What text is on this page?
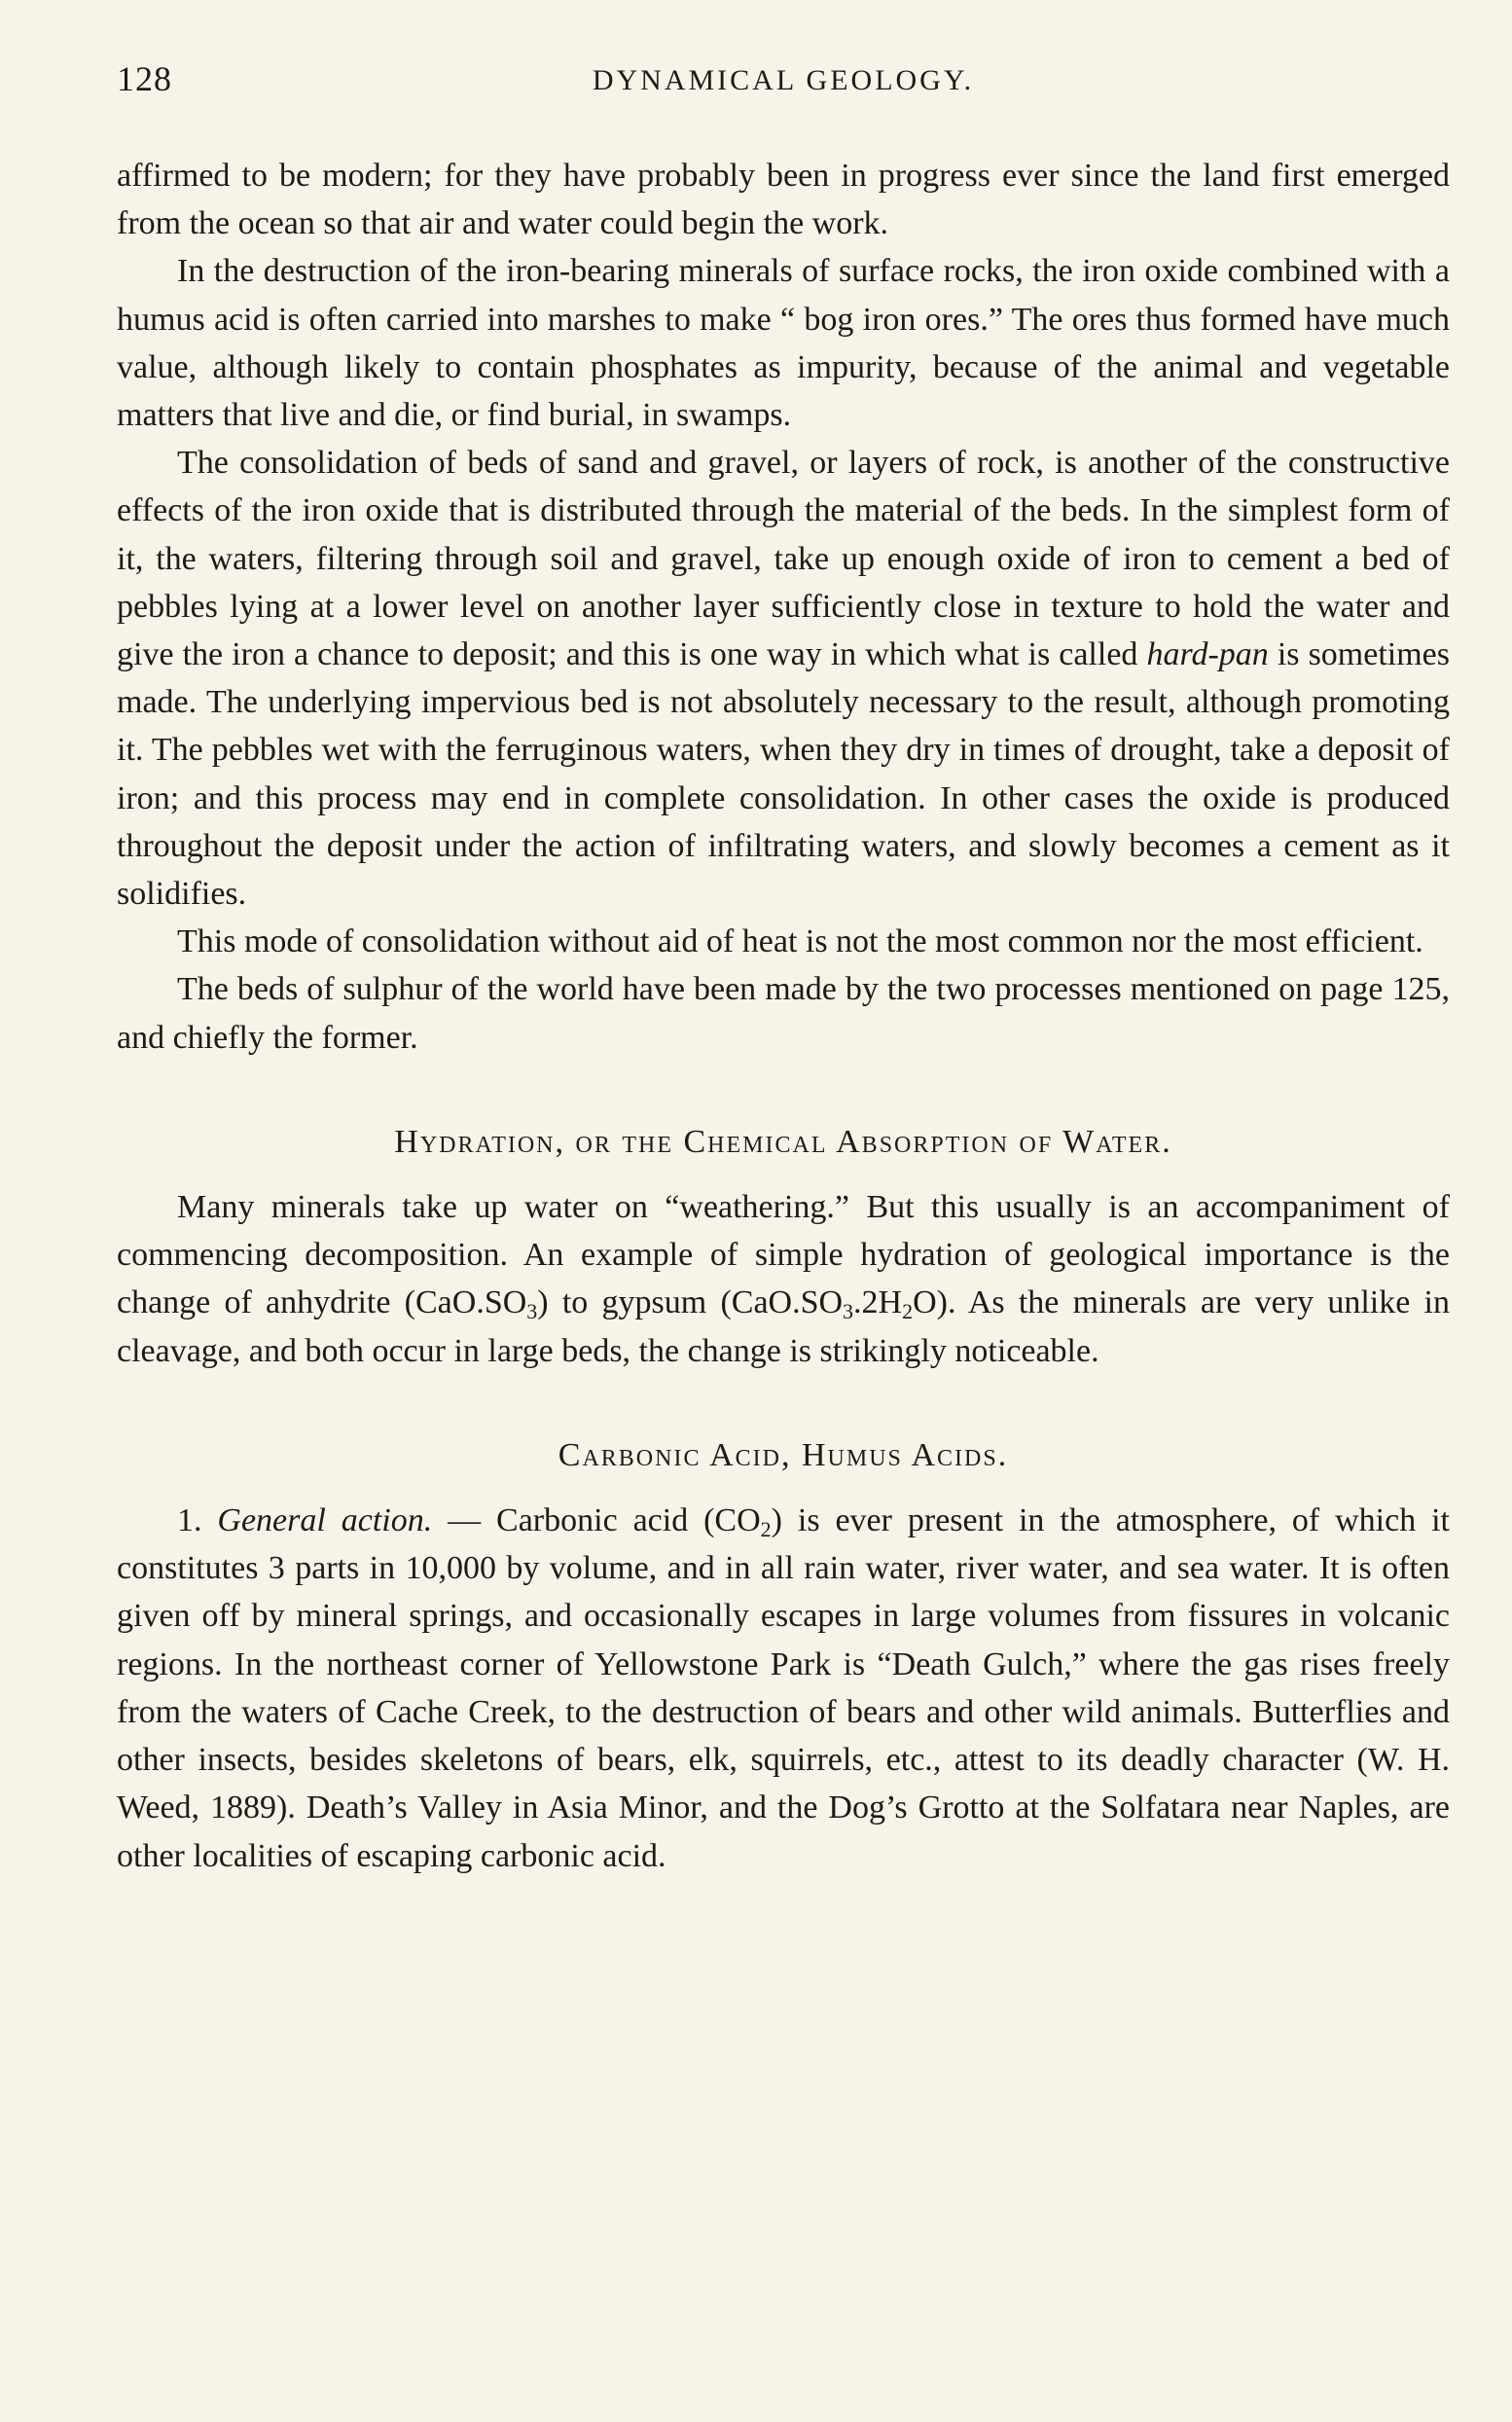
128	DYNAMICAL GEOLOGY.

affirmed to be modern; for they have probably been in progress ever since the land first emerged from the ocean so that air and water could begin the work.

In the destruction of the iron-bearing minerals of surface rocks, the iron oxide combined with a humus acid is often carried into marshes to make “ bog iron ores.” The ores thus formed have much value, although likely to contain phosphates as impurity, because of the animal and vegetable matters that live and die, or find burial, in swamps.

The consolidation of beds of sand and gravel, or layers of rock, is another of the constructive effects of the iron oxide that is distributed through the material of the beds. In the simplest form of it, the waters, filtering through soil and gravel, take up enough oxide of iron to cement a bed of pebbles lying at a lower level on another layer sufficiently close in texture to hold the water and give the iron a chance to deposit; and this is one way in which what is called hard-pan is sometimes made. The underlying impervious bed is not absolutely necessary to the result, although promoting it. The pebbles wet with the ferruginous waters, when they dry in times of drought, take a deposit of iron; and this process may end in complete consolidation. In other cases the oxide is produced throughout the deposit under the action of infiltrating waters, and slowly becomes a cement as it solidifies.

This mode of consolidation without aid of heat is not the most common nor the most efficient.

The beds of sulphur of the world have been made by the two processes mentioned on page 125, and chiefly the former.

Hydration, or the Chemical Absorption of Water.

Many minerals take up water on “weathering.” But this usually is an accompaniment of commencing decomposition. An example of simple hydration of geological importance is the change of anhydrite $(CaO.SO_3)$ to gypsum $(CaO.SO_3.2H_2O)$. As the minerals are very unlike in cleavage, and both occur in large beds, the change is strikingly noticeable.

Carbonic Acid, Humus Acids.

1. General action. — Carbonic acid $(CO_2)$ is ever present in the atmosphere, of which it constitutes 3 parts in 10,000 by volume, and in all rain water, river water, and sea water. It is often given off by mineral springs, and occasionally escapes in large volumes from fissures in volcanic regions. In the northeast corner of Yellowstone Park is “Death Gulch,” where the gas rises freely from the waters of Cache Creek, to the destruction of bears and other wild animals. Butterflies and other insects, besides skeletons of bears, elk, squirrels, etc., attest to its deadly character (W. H. Weed, 1889). Death’s Valley in Asia Minor, and the Dog’s Grotto at the Solfatara near Naples, are other localities of escaping carbonic acid.
